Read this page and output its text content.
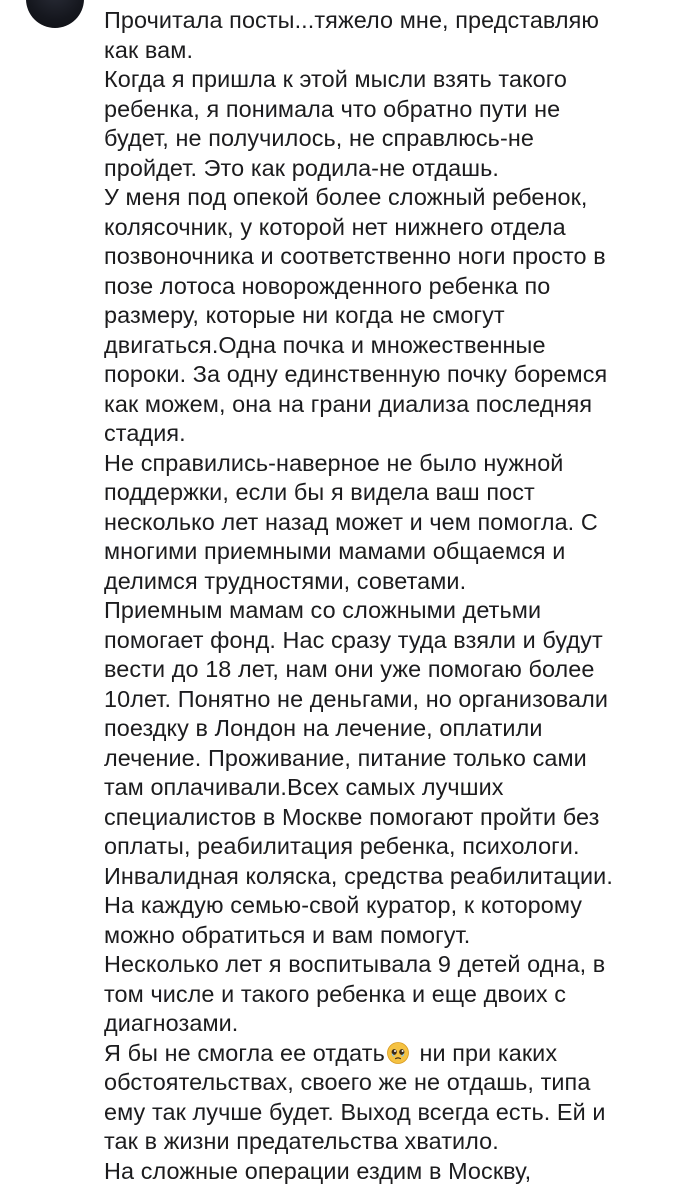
Прочитала посты...тяжело мне, представляю
как вам.
Когда я пришла к этой мысли взять такого
ребенка, я понимала что обратно пути не
будет, не получилось, не справлюсь-не
пройдет. Это как родила-не отдашь.
У меня под опекой более сложный ребенок,
колясочник, у которой нет нижнего отдела
позвоночника и соответственно ноги просто в
позе лотоса новорожденного ребенка по
размеру, которые ни когда не смогут
двигаться.Одна почка и множественные
пороки. За одну единственную почку боремся
как можем, она на грани диализа последняя
стадия.
Не справились-наверное не было нужной
поддержки, если бы я видела ваш пост
несколько лет назад может и чем помогла. С
многими приемными мамами общаемся и
делимся трудностями, советами.
Приемным мамам со сложными детьми
помогает фонд. Нас сразу туда взяли и будут
вести до 18 лет, нам они уже помогаю более
10лет. Понятно не деньгами, но организовали
поездку в Лондон на лечение, оплатили
лечение. Проживание, питание только сами
там оплачивали.Всех самых лучших
специалистов в Москве помогают пройти без
оплаты, реабилитация ребенка, психологи.
Инвалидная коляска, средства реабилитации.
На каждую семью-свой куратор, к которому
можно обратиться и вам помогут.
Несколько лет я воспитывала 9 детей одна, в
том числе и такого ребенка и еще двоих с
диагнозами.
Я бы не смогла ее отдать ни при каких
обстоятельствах, своего же не отдашь, типа
ему так лучше будет. Выход всегда есть. Ей и
так в жизни предательства хватило.
На сложные операции ездим в Москву,
